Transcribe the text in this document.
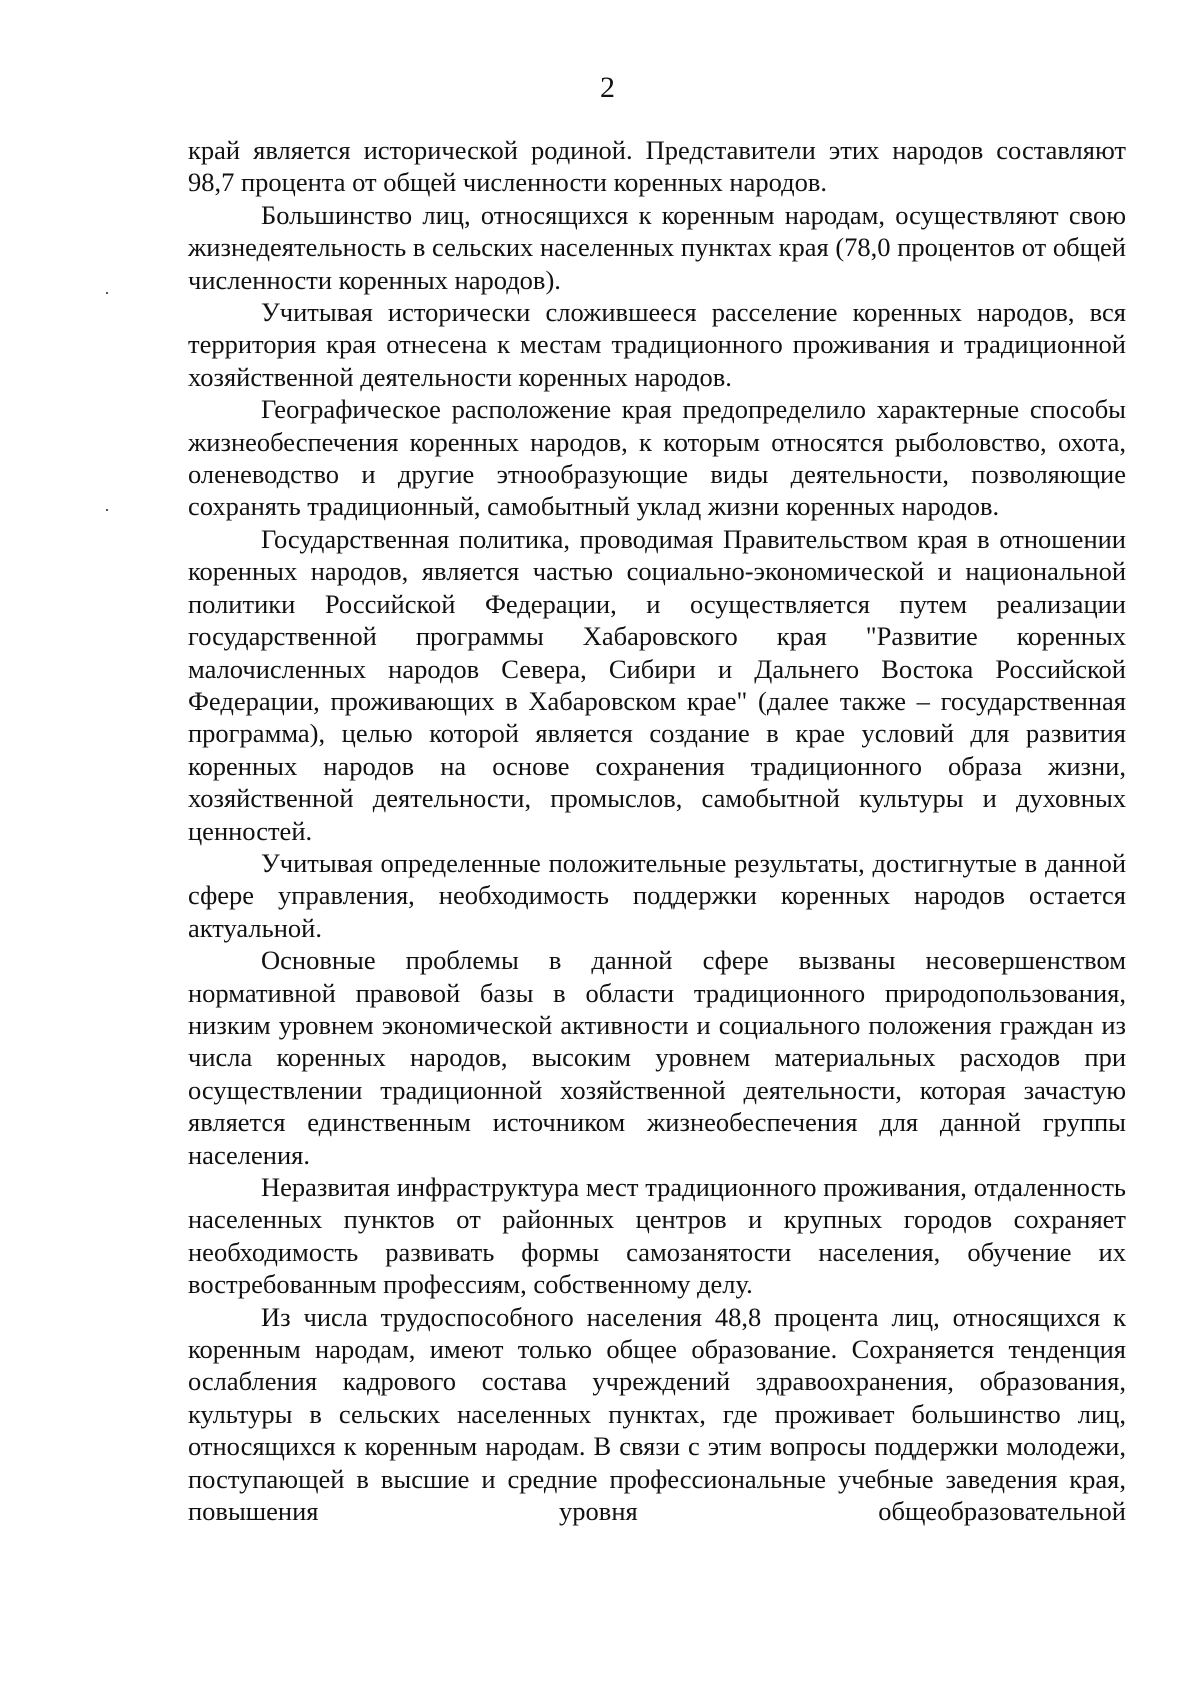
2

край является исторической родиной. Представители этих народов составляют 98,7 процента от общей численности коренных народов.

Большинство лиц, относящихся к коренным народам, осуществляют свою жизнедеятельность в сельских населенных пунктах края (78,0 процентов от общей численности коренных народов).

Учитывая исторически сложившееся расселение коренных народов, вся территория края отнесена к местам традиционного проживания и традиционной хозяйственной деятельности коренных народов.

Географическое расположение края предопределило характерные способы жизнеобеспечения коренных народов, к которым относятся рыболовство, охота, оленеводство и другие этнообразующие виды деятельности, позволяющие сохранять традиционный, самобытный уклад жизни коренных народов.

Государственная политика, проводимая Правительством края в отношении коренных народов, является частью социально-экономической и национальной политики Российской Федерации, и осуществляется путем реализации государственной программы Хабаровского края "Развитие коренных малочисленных народов Севера, Сибири и Дальнего Востока Российской Федерации, проживающих в Хабаровском крае" (далее также – государственная программа), целью которой является создание в крае условий для развития коренных народов на основе сохранения традиционного образа жизни, хозяйственной деятельности, промыслов, самобытной культуры и духовных ценностей.

Учитывая определенные положительные результаты, достигнутые в данной сфере управления, необходимость поддержки коренных народов остается актуальной.

Основные проблемы в данной сфере вызваны несовершенством нормативной правовой базы в области традиционного природопользования, низким уровнем экономической активности и социального положения граждан из числа коренных народов, высоким уровнем материальных расходов при осуществлении традиционной хозяйственной деятельности, которая зачастую является единственным источником жизнеобеспечения для данной группы населения.

Неразвитая инфраструктура мест традиционного проживания, отдаленность населенных пунктов от районных центров и крупных городов сохраняет необходимость развивать формы самозанятости населения, обучение их востребованным профессиям, собственному делу.

Из числа трудоспособного населения 48,8 процента лиц, относящихся к коренным народам, имеют только общее образование. Сохраняется тенденция ослабления кадрового состава учреждений здравоохранения, образования, культуры в сельских населенных пунктах, где проживает большинство лиц, относящихся к коренным народам. В связи с этим вопросы поддержки молодежи, поступающей в высшие и средние профессиональные учебные заведения края, повышения уровня общеобразовательной
